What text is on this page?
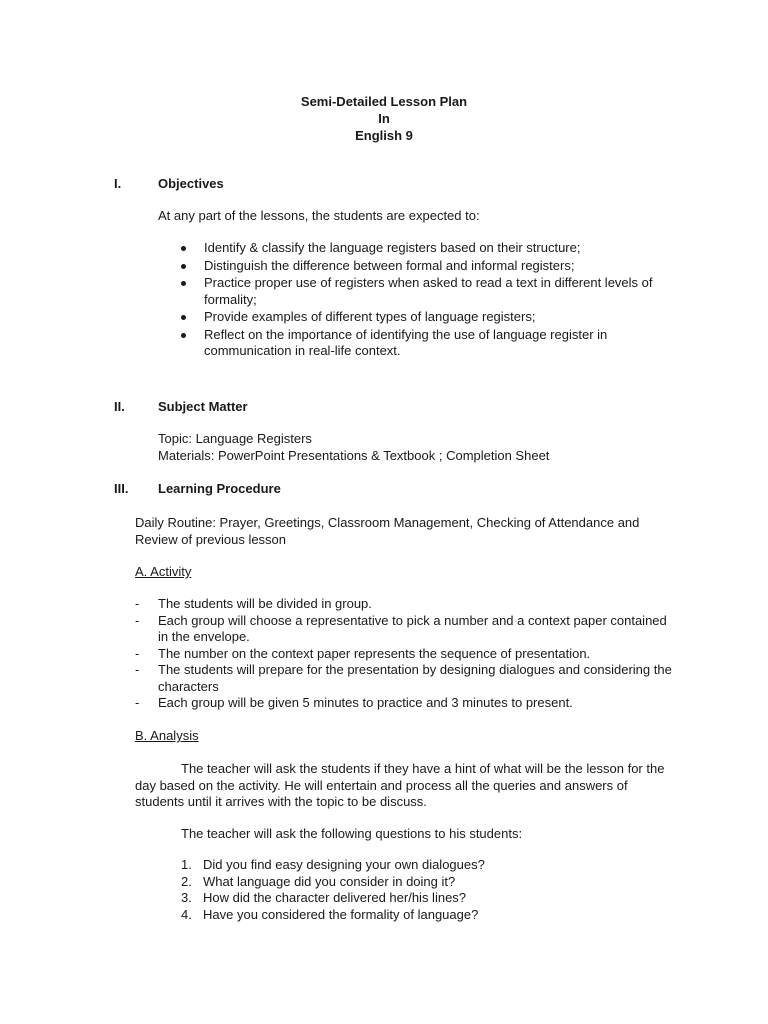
Semi-Detailed Lesson Plan
In
English 9
I.	Objectives
At any part of the lessons, the students are expected to:
Identify & classify the language registers based on their structure;
Distinguish the difference between formal and informal registers;
Practice proper use of registers when asked to read a text in different levels of formality;
Provide examples of different types of language registers;
Reflect on the importance of identifying the use of language register in communication in real-life context.
II.	Subject Matter
Topic: Language Registers
Materials: PowerPoint Presentations & Textbook ; Completion Sheet
III. Learning Procedure
Daily Routine: Prayer, Greetings, Classroom Management, Checking of Attendance and Review of previous lesson
A. Activity
- The students will be divided in group.
- Each group will choose a representative to pick a number and a context paper contained in the envelope.
- The number on the context paper represents the sequence of presentation.
- The students will prepare for the presentation by designing dialogues and considering the characters
- Each group will be given 5 minutes to practice and 3 minutes to present.
B. Analysis
The teacher will ask the students if they have a hint of what will be the lesson for the day based on the activity. He will entertain and process all the queries and answers of students until it arrives with the topic to be discuss.
The teacher will ask the following questions to his students:
1. Did you find easy designing your own dialogues?
2. What language did you consider in doing it?
3. How did the character delivered her/his lines?
4. Have you considered the formality of language?
